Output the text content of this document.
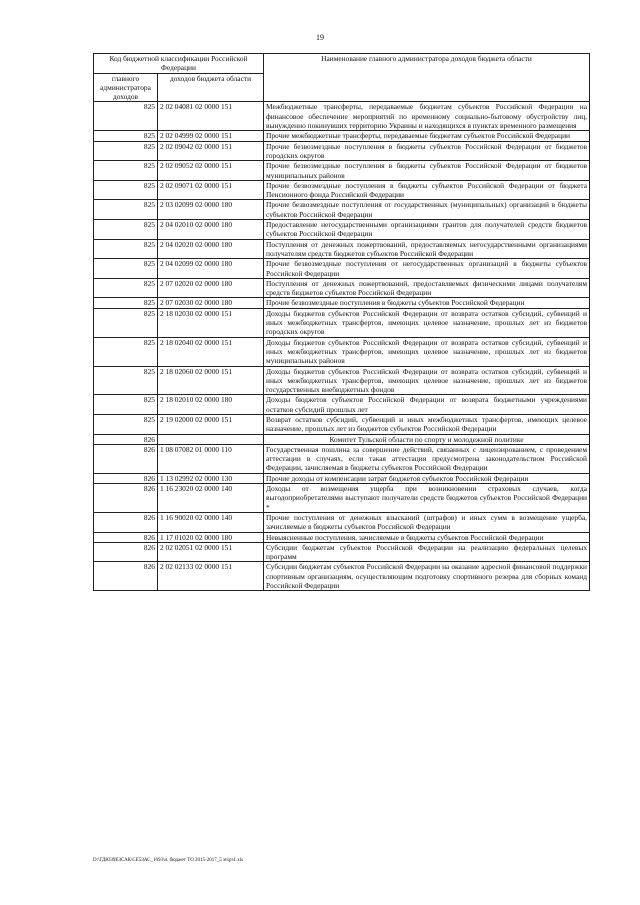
19
Код бюджетной классификации Российской Федерации		Наименование главного администратора доходов бюджета области
главного администратора доходов	доходов бюджета области	
825	2 02 04081 02 0000 151	Межбюджетные трансферты, передаваемые бюджетам субъектов Российской Федерации на финансовое обеспечение мероприятий по временному социально-бытовому обустройству лиц, вынужденно покинувших территорию Украины и находящихся в пунктах временного размещения
825	2 02 04999 02 0000 151	Прочие межбюджетные трансферты, передаваемые бюджетам субъектов Российской Федерации
825	2 02 09042 02 0000 151	Прочие безвозмездные поступления в бюджеты субъектов Российской Федерации от бюджетов городских округов
825	2 02 09052 02 0000 151	Прочие безвозмездные поступления в бюджеты субъектов Российской Федерации от бюджетов муниципальных районов
825	2 02 09071 02 0000 151	Прочие безвозмездные поступления в бюджеты субъектов Российской Федерации от бюджета Пенсионного фонда Российской Федерации
825	2 03 02099 02 0000 180	Прочие безвозмездные поступления от государственных (муниципальных) организаций в бюджеты субъектов Российской Федерации
825	2 04 02010 02 0000 180	Предоставление негосударственными организациями грантов для получателей средств бюджетов субъектов Российской Федерации
825	2 04 02020 02 0000 180	Поступления от денежных пожертвований, предоставляемых негосударственными организациями получателям средств бюджетов субъектов Российской Федерации
825	2 04 02099 02 0000 180	Прочие безвозмездные поступления от негосударственных организаций в бюджеты субъектов Российской Федерации
825	2 07 02020 02 0000 180	Поступления от денежных пожертвований, предоставляемых физическими лицами получателям средств бюджетов субъектов Российской Федерации
825	2 07 02030 02 0000 180	Прочие безвозмездные поступления в бюджеты субъектов Российской Федерации
825	2 18 02030 02 0000 151	Доходы бюджетов субъектов Российской Федерации от возврата остатков субсидий, субвенций и иных межбюджетных трансфертов, имеющих целевое назначение, прошлых лет из бюджетов городских округов
825	2 18 02040 02 0000 151	Доходы бюджетов субъектов Российской Федерации от возврата остатков субсидий, субвенций и иных межбюджетных трансфертов, имеющих целевое назначение, прошлых лет из бюджетов муниципальных районов
825	2 18 02060 02 0000 151	Доходы бюджетов субъектов Российской Федерации от возврата остатков субсидий, субвенций и иных межбюджетных трансфертов, имеющих целевое назначение, прошлых лет из бюджетов государственных внебюджетных фондов
825	2 18 02010 02 0000 180	Доходы бюджетов субъектов Российской Федерации от возврата бюджетными учреждениями остатков субсидий прошлых лет
825	2 19 02000 02 0000 151	Возврат остатков субсидий, субвенций и иных межбюджетных трансфертов, имеющих целевое назначение, прошлых лет из бюджетов субъектов Российской Федерации
826		Комитет Тульской области по спорту и молодежной политике
826	1 08 07082 01 0000 110	Государственная пошлина за совершение действий, связанных с лицензированием, с проведением аттестации в случаях, если такая аттестация предусмотрена законодательством Российской Федерации, зачисляемая в бюджеты субъектов Российской Федерации
826	1 13 02992 02 0000 130	Прочие доходы от компенсации затрат бюджетов субъектов Российской Федерации
826	1 16 23020 02 0000 140	Доходы от возмещения ущерба при возникновении страховых случаев, когда выгодоприобретателями выступают получатели средств бюджетов субъектов Российской Федерации *
826	1 16 90020 02 0000 140	Прочие поступления от денежных взысканий (штрафов) и иных сумм в возмещение ущерба, зачисляемые в бюджеты субъектов Российской Федерации
826	1 17 01020 02 0000 180	Невыясненные поступления, зачисляемые в бюджеты субъектов Российской Федерации
826	2 02 02051 02 0000 151	Субсидии бюджетам субъектов Российской Федерации на реализацию федеральных целевых программ
826	2 02 02133 02 0000 151	Субсидии бюджетам субъектов Российской Федерации на оказание адресной финансовой поддержки спортивным организациям, осуществляющим подготовку спортивного резерва для сборных команд Российской Федерации
D:\ГДЮЗ9ЕЗСАК\СЕ5ЗАС_1693\и. бюджет ТО 2015-2017_5 зп\рз1.xls
